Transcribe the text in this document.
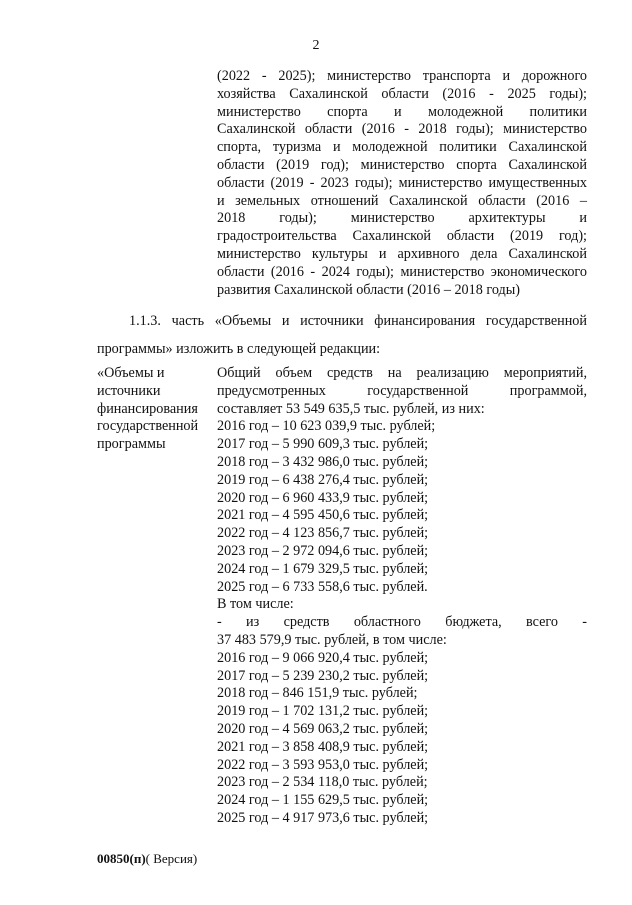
2
(2022 - 2025); министерство транспорта и дорожного
хозяйства Сахалинской области (2016 - 2025 годы);
министерство спорта и молодежной политики
Сахалинской области (2016 - 2018 годы); министерство
спорта, туризма и молодежной политики Сахалинской
области (2019 год); министерство спорта Сахалинской
области (2019 - 2023 годы); министерство имущественных
и земельных отношений Сахалинской области (2016 –
2018 годы); министерство архитектуры и
градостроительства Сахалинской области (2019 год);
министерство культуры и архивного дела Сахалинской
области (2016 - 2024 годы); министерство экономического
развития Сахалинской области (2016 – 2018 годы)
1.1.3. часть «Объемы и источники финансирования государственной
программы» изложить в следующей редакции:
«Объемы и
источники
финансирования
государственной
программы
Общий объем средств на реализацию мероприятий,
предусмотренных государственной программой,
составляет 53 549 635,5 тыс. рублей, из них:
2016 год – 10 623 039,9 тыс. рублей;
2017 год – 5 990 609,3 тыс. рублей;
2018 год – 3 432 986,0 тыс. рублей;
2019 год – 6 438 276,4 тыс. рублей;
2020 год – 6 960 433,9 тыс. рублей;
2021 год – 4 595 450,6 тыс. рублей;
2022 год – 4 123 856,7 тыс. рублей;
2023 год – 2 972 094,6 тыс. рублей;
2024 год – 1 679 329,5 тыс. рублей;
2025 год – 6 733 558,6 тыс. рублей.
В том числе:
- из средств областного бюджета, всего -
37 483 579,9 тыс. рублей, в том числе:
2016 год – 9 066 920,4 тыс. рублей;
2017 год – 5 239 230,2 тыс. рублей;
2018 год – 846 151,9 тыс. рублей;
2019 год – 1 702 131,2 тыс. рублей;
2020 год – 4 569 063,2 тыс. рублей;
2021 год – 3 858 408,9 тыс. рублей;
2022 год – 3 593 953,0 тыс. рублей;
2023 год – 2 534 118,0 тыс. рублей;
2024 год – 1 155 629,5 тыс. рублей;
2025 год – 4 917 973,6 тыс. рублей;
00850(п)( Версия)
